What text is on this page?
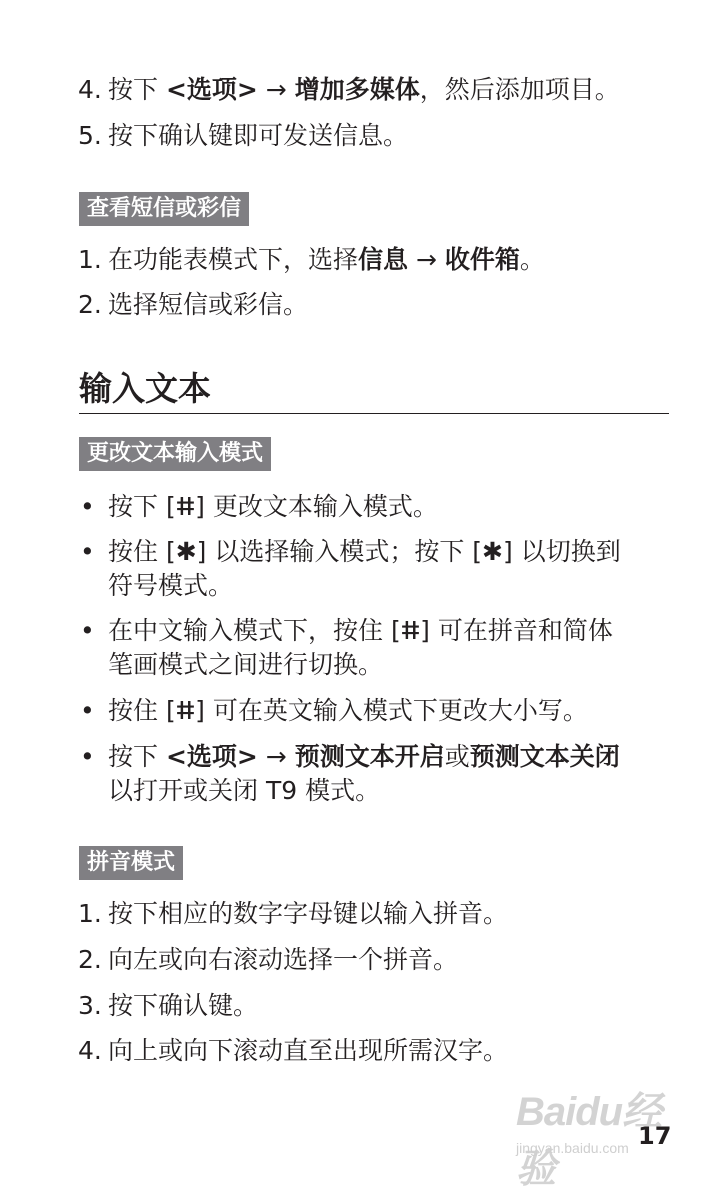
4. 按下 <选项> → 增加多媒体，然后添加项目。
5. 按下确认键即可发送信息。
查看短信或彩信
1. 在功能表模式下，选择信息 → 收件箱。
2. 选择短信或彩信。
输入文本
更改文本输入模式
• 按下 [ⵌ] 更改文本输入模式。
• 按住 [✱] 以选择输入模式；按下 [✱] 以切换到
符号模式。
• 在中文输入模式下，按住 [ⵌ] 可在拼音和简体
笔画模式之间进行切换。
• 按住 [ⵌ] 可在英文输入模式下更改大小写。
• 按下 <选项> → 预测文本开启或预测文本关闭
以打开或关闭 T9 模式。
拼音模式
1. 按下相应的数字字母键以输入拼音。
2. 向左或向右滚动选择一个拼音。
3. 按下确认键。
4. 向上或向下滚动直至出现所需汉字。
Baidu经验
jingyan.baidu.com 17
